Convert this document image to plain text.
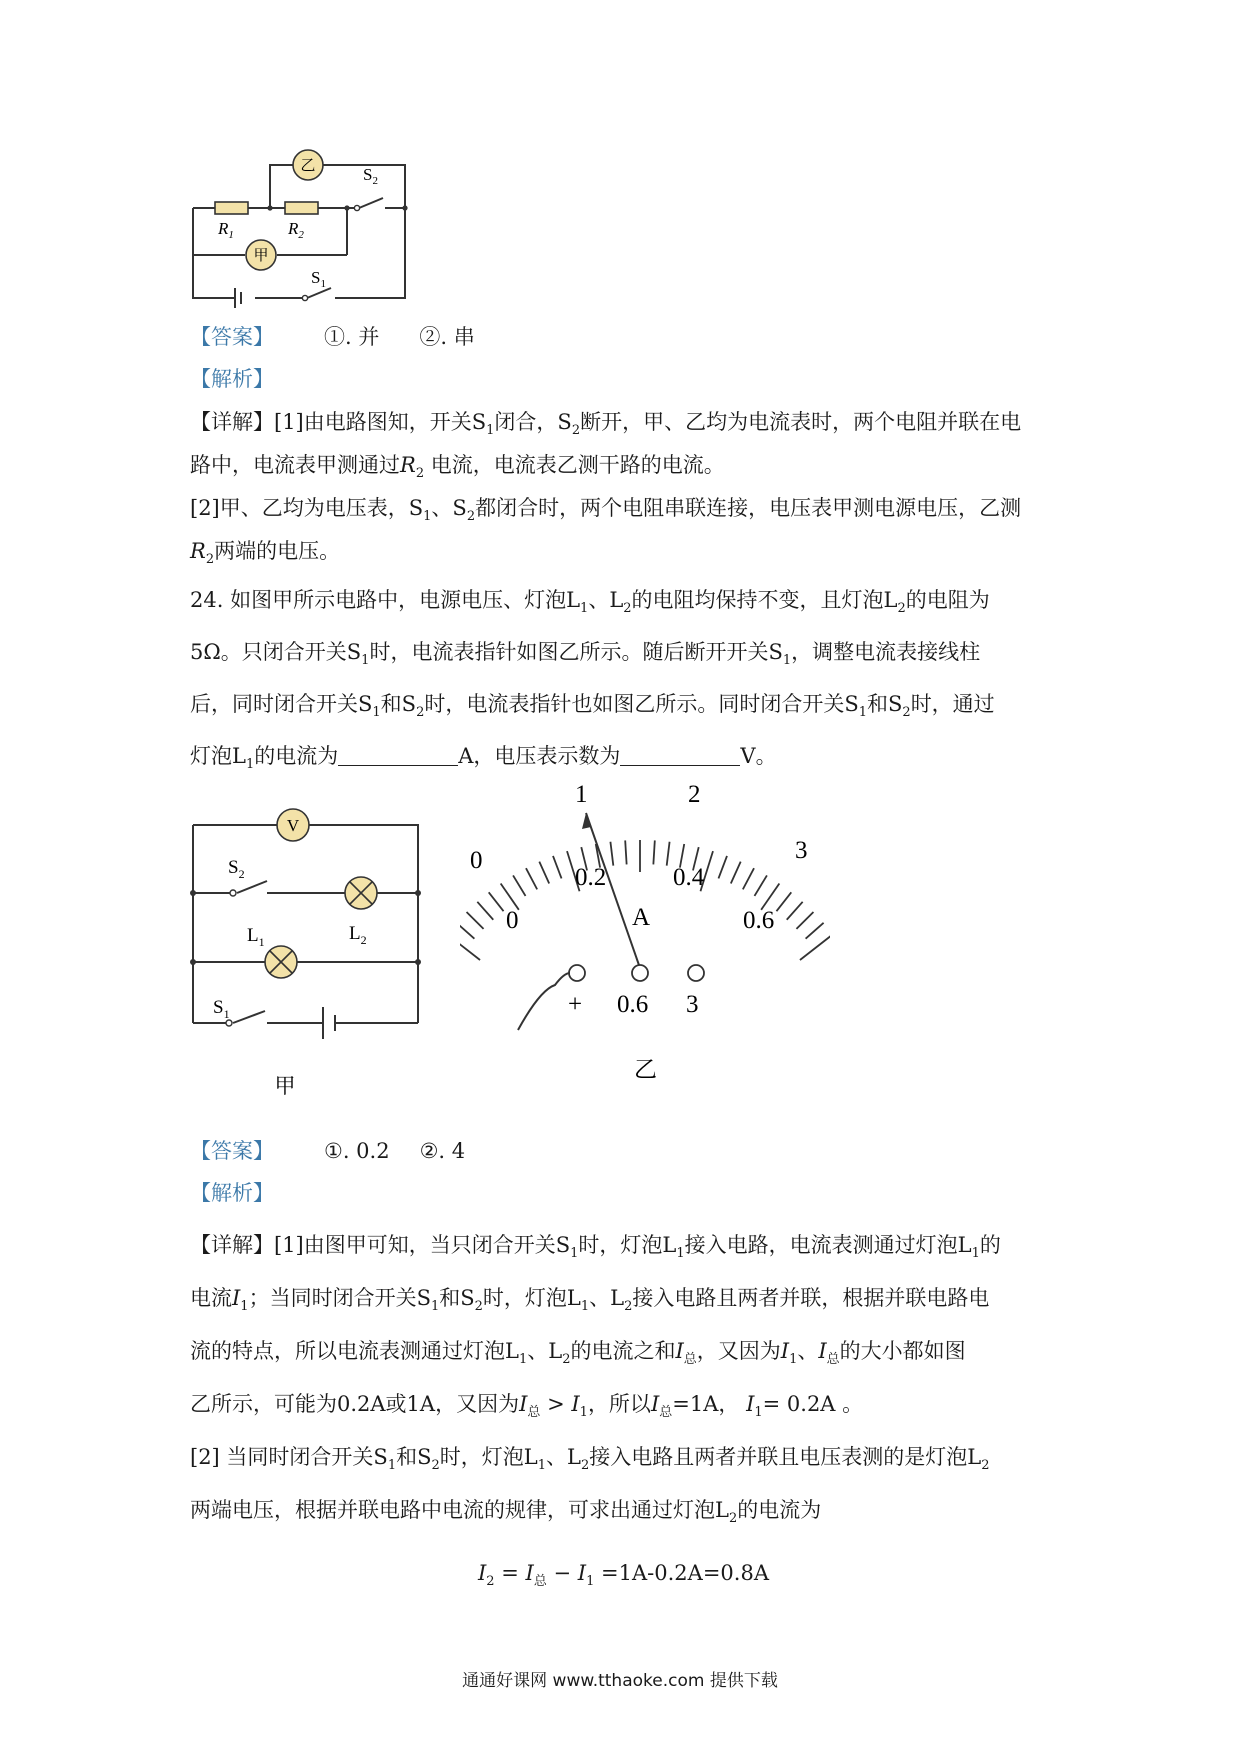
乙
甲
$R_1$	$R_2$
$S_2$
$S_1$
【答案】 ①. 并 ②. 串
【解析】
【详解】[1]由电路图知，开关$S_1$闭合，$S_2$断开，甲、乙均为电流表时，两个电阻并联在电
路中，电流表甲测通过$R_2$ 电流，电流表乙测干路的电流。
[2]甲、乙均为电压表，$S_1$、$S_2$都闭合时，两个电阻串联连接，电压表甲测电源电压，乙测
$R_2$两端的电压。
24. 如图甲所示电路中，电源电压、灯泡$L_1$、$L_2$的电阻均保持不变，且灯泡$L_2$的电阻为
5Ω。只闭合开关$S_1$时，电流表指针如图乙所示。随后断开开关$S_1$，调整电流表接线柱
后，同时闭合开关$S_1$和$S_2$时，电流表指针也如图乙所示。同时闭合开关$S_1$和$S_2$时，通过
灯泡$L_1$的电流为	A，电压表示数为	V。
V
$S_2$
$L_1$	$L_2$
$S_1$
甲
0
1	2
3
0
0.2	0.4
0.6
A
+ 0.6 3
乙
【答案】 ①. 0.2 ②. 4
【解析】
【详解】[1]由图甲可知，当只闭合开关$S_1$时，灯泡$L_1$接入电路，电流表测通过灯泡$L_1$的
电流$I_1$；当同时闭合开关$S_1$和$S_2$时，灯泡$L_1$、$L_2$接入电路且两者并联，根据并联电路电
流的特点，所以电流表测通过灯泡$L_1$、$L_2$的电流之和$I_总$，又因为$I_1$、$I_总$的大小都如图
乙所示，可能为0.2A或1A，又因为$I_总 > I_1$，所以$I_总=1A$， $I_1= 0.2A$ 。
[2] 当同时闭合开关$S_1$和$S_2$时，灯泡$L_1$、$L_2$接入电路且两者并联且电压表测的是灯泡$L_2$
两端电压，根据并联电路中电流的规律，可求出通过灯泡$L_2$的电流为
$I_2 = I_总 - I_1 =1A-0.2A=0.8A$
通通好课网 www.tthaoke.com 提供下载
